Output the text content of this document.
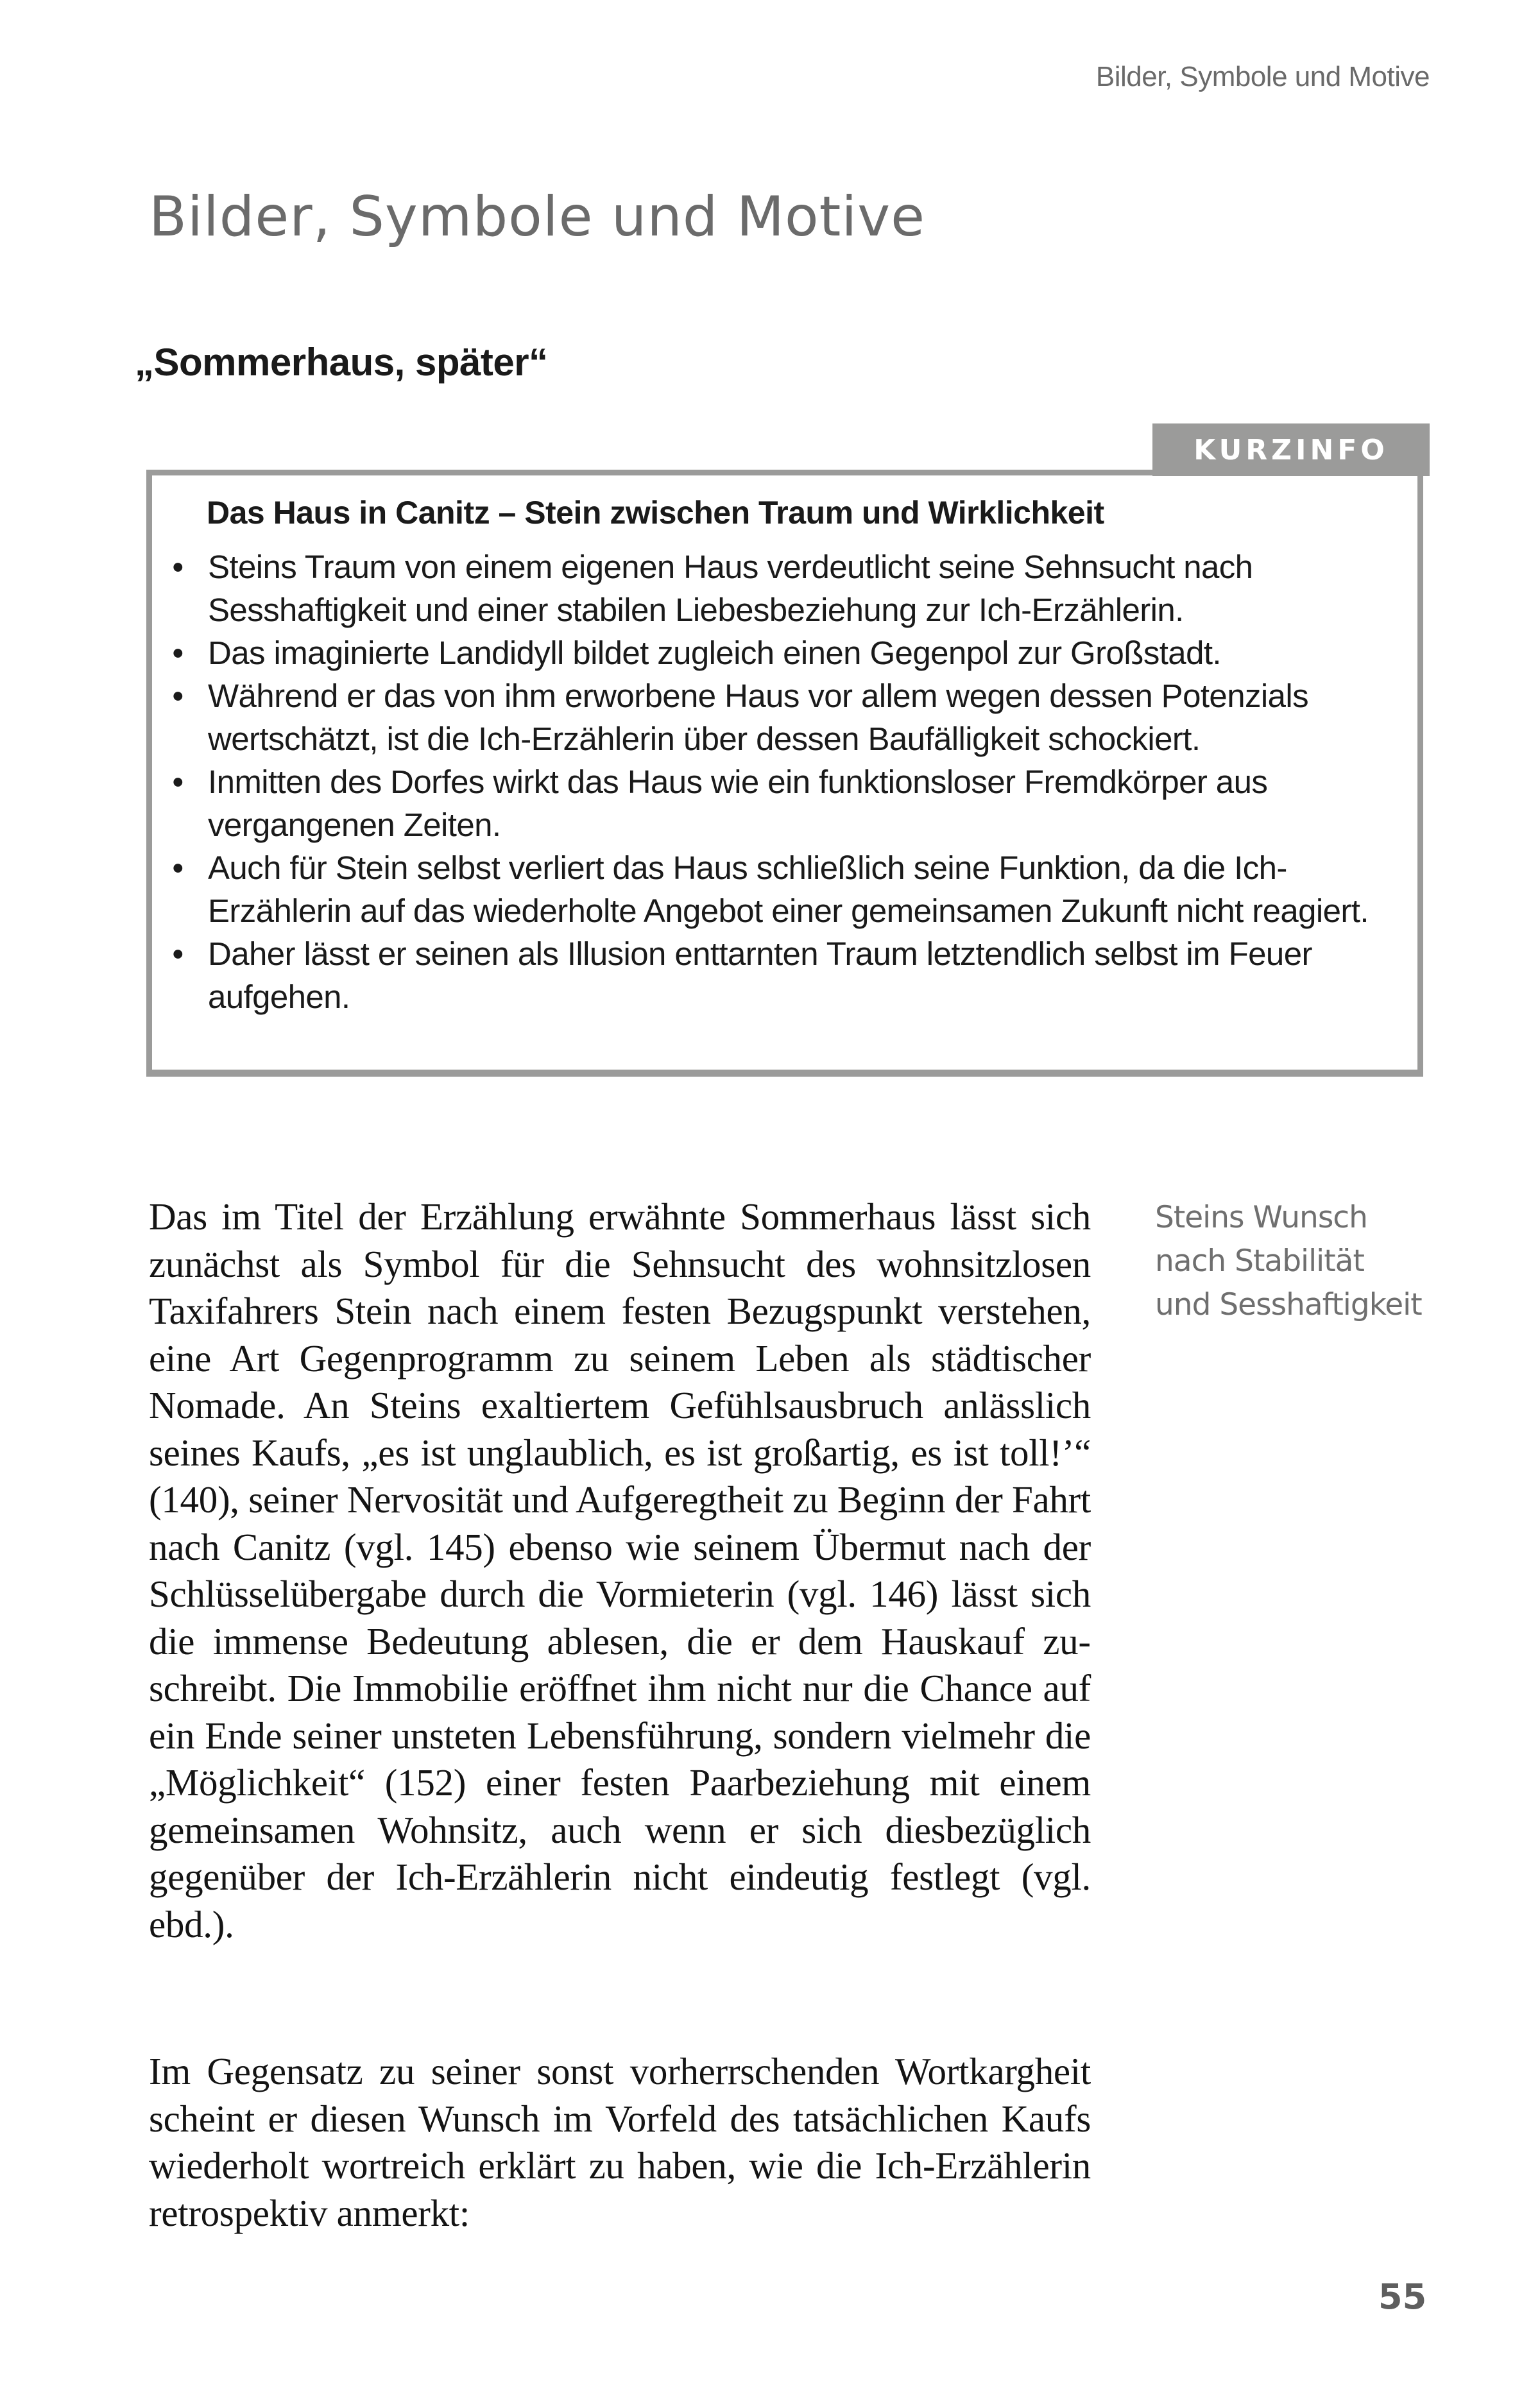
Bilder, Symbole und Motive
Bilder, Symbole und Motive
„Sommerhaus, später“
KURZINFO
Das Haus in Canitz – Stein zwischen Traum und Wirklichkeit
• Steins Traum von einem eigenen Haus verdeutlicht seine Sehnsucht nach Sesshaftigkeit und einer stabilen Liebesbeziehung zur Ich-Erzählerin.
• Das imaginierte Landidyll bildet zugleich einen Gegenpol zur Großstadt.
• Während er das von ihm erworbene Haus vor allem wegen dessen Potenzials wertschätzt, ist die Ich-Erzählerin über dessen Baufälligkeit schockiert.
• Inmitten des Dorfes wirkt das Haus wie ein funktionsloser Fremdkörper aus vergangenen Zeiten.
• Auch für Stein selbst verliert das Haus schließlich seine Funktion, da die Ich-Erzählerin auf das wiederholte Angebot einer gemeinsamen Zukunft nicht reagiert.
• Daher lässt er seinen als Illusion enttarnten Traum letztendlich selbst im Feuer aufgehen.

Das im Titel der Erzählung erwähnte Sommerhaus lässt sich zunächst als Symbol für die Sehnsucht des wohnsitzlosen Taxifahrers Stein nach einem festen Bezugspunkt verstehen, eine Art Gegenprogramm zu seinem Leben als städtischer Nomade. An Steins exaltiertem Gefühlsausbruch anlässlich seines Kaufs, „es ist unglaublich, es ist großartig, es ist toll!’“ (140), seiner Nervosität und Aufgeregtheit zu Beginn der Fahrt nach Canitz (vgl. 145) ebenso wie seinem Übermut nach der Schlüsselübergabe durch die Vormieterin (vgl. 146) lässt sich die immense Bedeutung ablesen, die er dem Hauskauf zuschreibt. Die Immobilie eröffnet ihm nicht nur die Chance auf ein Ende seiner unsteten Lebensführung, sondern vielmehr die „Möglichkeit“ (152) einer festen Paarbeziehung mit einem gemeinsamen Wohnsitz, auch wenn er sich diesbezüglich gegenüber der Ich-Erzählerin nicht eindeutig festlegt (vgl. ebd.).

Steins Wunsch nach Stabilität und Sesshaftigkeit

Im Gegensatz zu seiner sonst vorherrschenden Wortkargheit scheint er diesen Wunsch im Vorfeld des tatsächlichen Kaufs wiederholt wortreich erklärt zu haben, wie die Ich-Erzählerin retrospektiv anmerkt:

55
